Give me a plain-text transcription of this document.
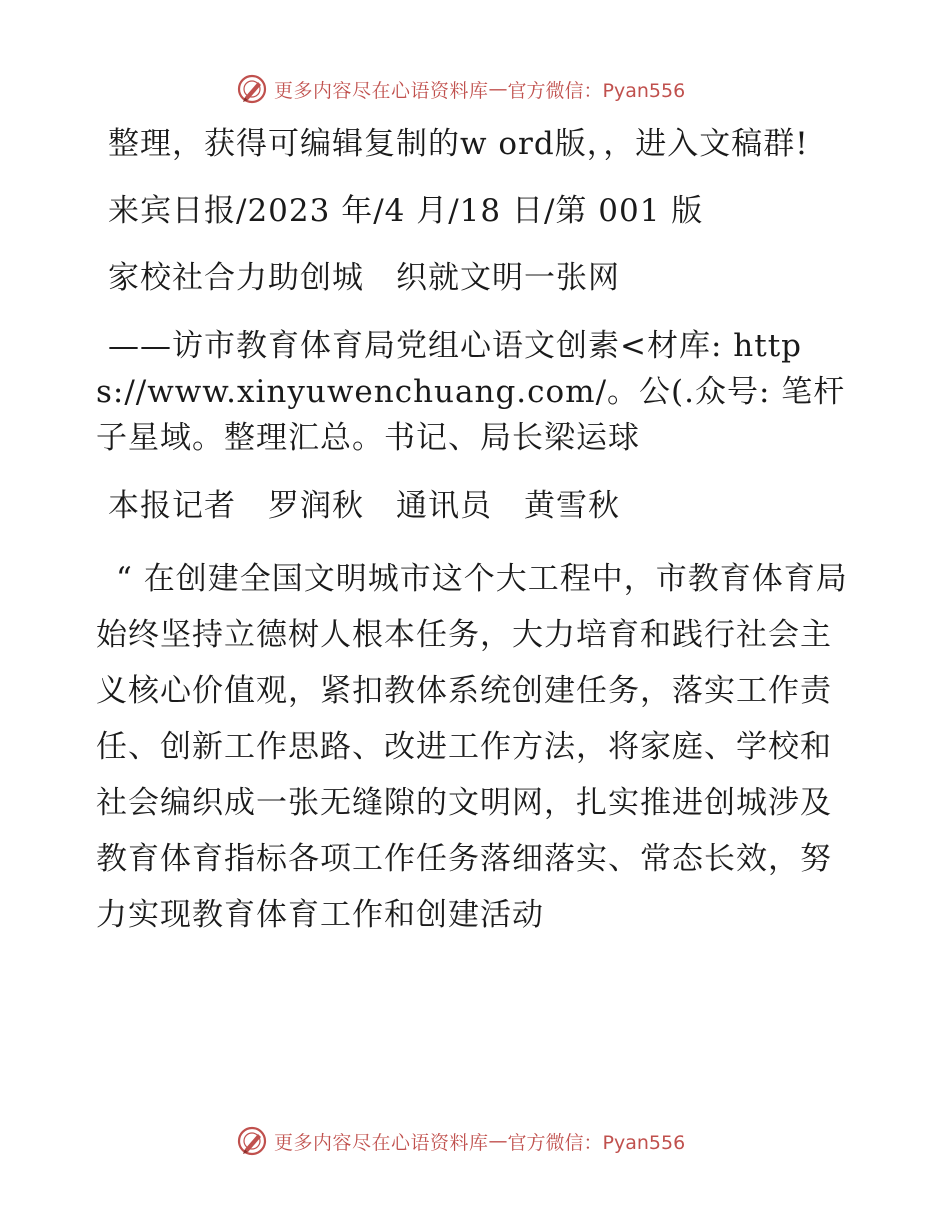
更多内容尽在心语资料库 — 官方微信：Pyan556

整理，获得可编辑复制的w ord版，，进入文稿群!

来宾日报/2023 年/4 月/18 日/第 001 版

家校社合力助创城　织就文明一张网

——访市教育体育局党组心语文创素<材库: https://www.xinyuwenchuang.com/。公(.众号: 笔杆子星域。整理汇总。书记、局长梁运球

本报记者　罗润秋　通讯员　黄雪秋

“ 在创建全国文明城市这个大工程中，市教育体育局始终坚持立德树人根本任务，大力培育和践行社会主义核心价值观，紧扣教体系统创建任务，落实工作责任、创新工作思路、改进工作方法，将家庭、学校和社会编织成一张无缝隙的文明网，扎实推进创城涉及教育体育指标各项工作任务落细落实、常态长效，努力实现教育体育工作和创建活动

更多内容尽在心语资料库 — 官方微信：Pyan556
